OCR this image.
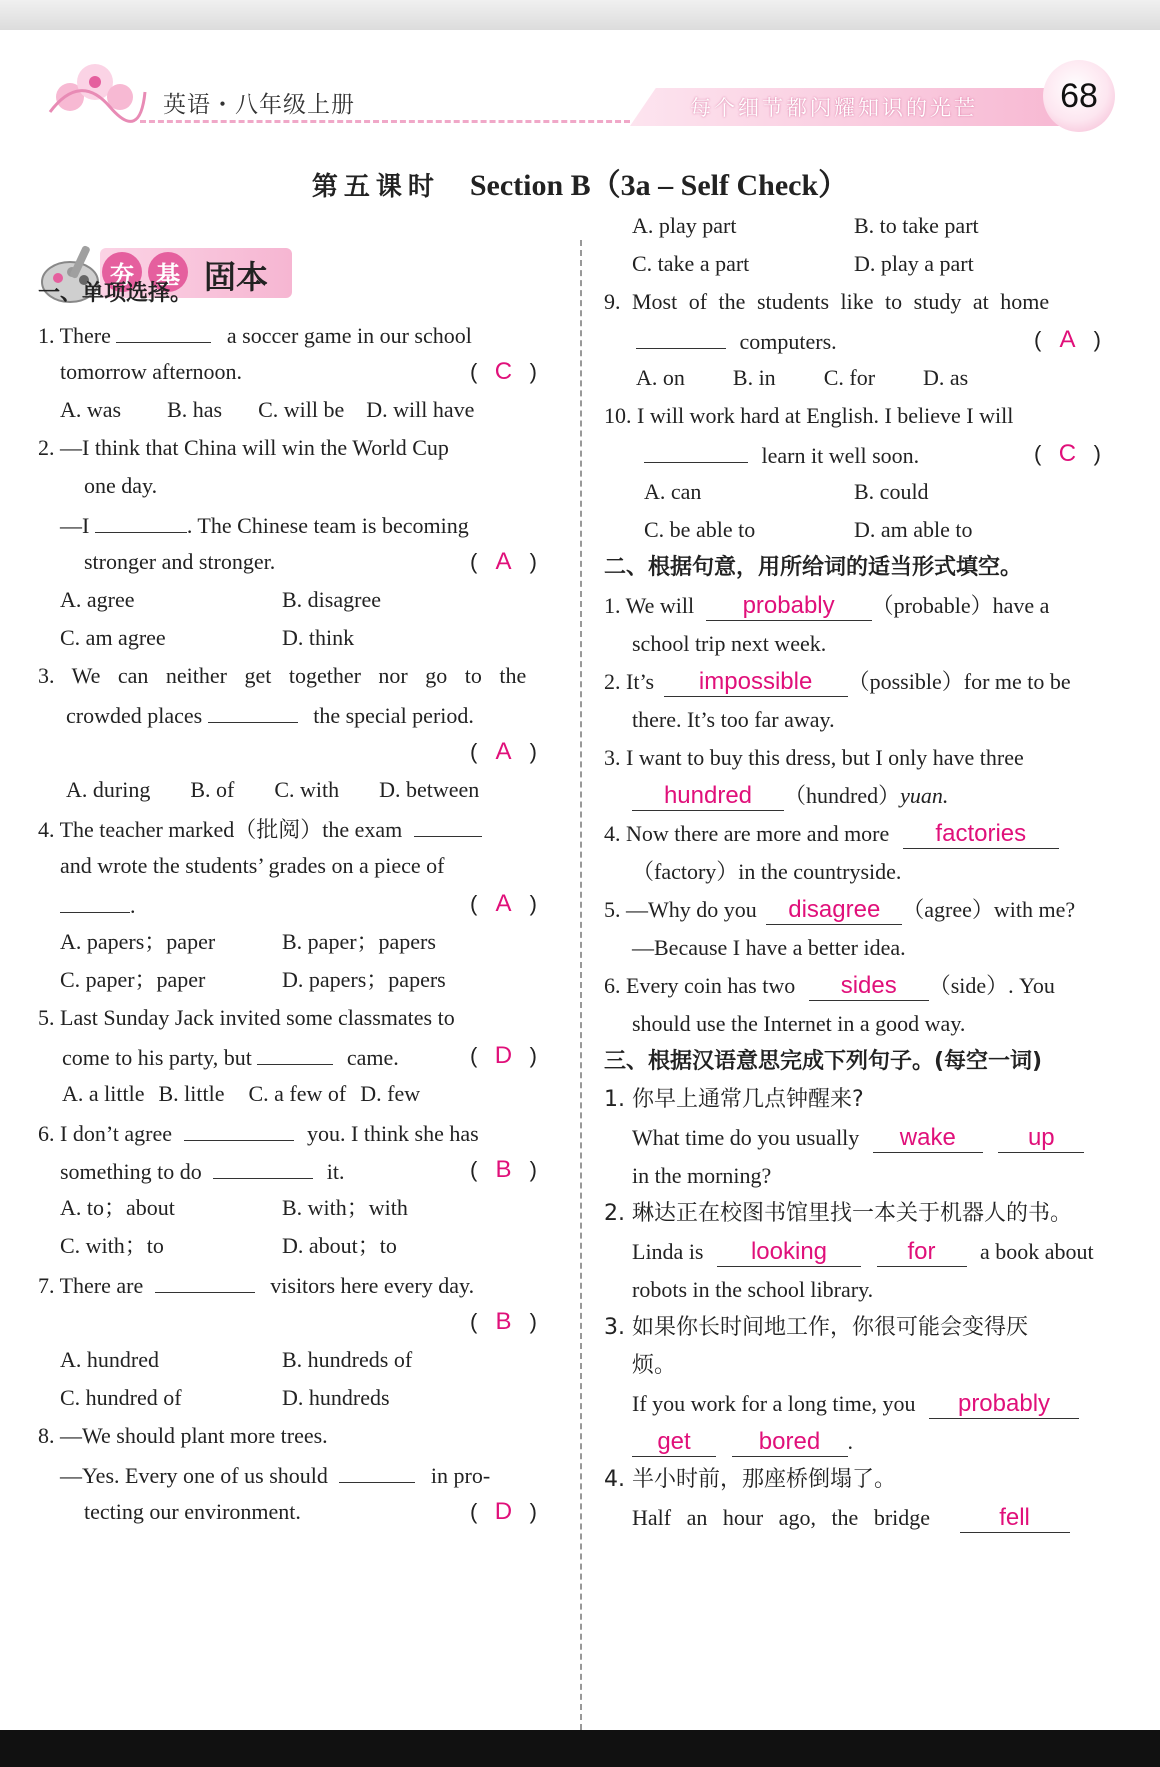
英语・八年级上册	每个细节都闪耀知识的光芒	68
第五课时 Section B（3a – Self Check）
夯 基 固本
一、单项选择。
1. There	a soccer game in our school
tomorrow afternoon.	( C )
A. was B. has C. will be D. will have
2. —I think that China will win the World Cup
one day.
—I	. The Chinese team is becoming
stronger and stronger.	( A )
A. agree	B. disagree
C. am agree	D. think
3. We can neither get together nor go to the
crowded places	the special period.
( A )
A. during B. of C. with D. between
4. The teacher marked（批阅）the exam
and wrote the students’ grades on a piece of
.	( A )
A. papers；paper	B. paper；papers
C. paper；paper	D. papers；papers
5. Last Sunday Jack invited some classmates to
come to his party, but	came.	( D )
A. a little B. little C. a few of D. few
6. I don’t agree	you. I think she has
something to do	it.	( B )
A. to；about	B. with；with
C. with；to	D. about；to
7. There are	visitors here every day.
( B )
A. hundred	B. hundreds of
C. hundred of	D. hundreds
8. —We should plant more trees.
—Yes. Every one of us should	in pro-
tecting our environment.	( D )
A. play part	B. to take part
C. take a part	D. play a part
9. Most of the students like to study at home
computers.	( A )
A. on B. in C. for D. as
10. I will work hard at English. I believe I will
learn it well soon.	( C )
A. can	B. could
C. be able to	D. am able to
二、根据句意，用所给词的适当形式填空。
1. We will probably （probable）have a
school trip next week.
2. It’s impossible （possible）for me to be
there. It’s too far away.
3. I want to buy this dress, but I only have three
hundred （hundred）yuan.
4. Now there are more and more factories
（factory）in the countryside.
5. —Why do you disagree （agree）with me?
—Because I have a better idea.
6. Every coin has two sides （side）. You
should use the Internet in a good way.
三、根据汉语意思完成下列句子。(每空一词)
1. 你早上通常几点钟醒来?
What time do you usually wake	up
in the morning?
2. 琳达正在校图书馆里找一本关于机器人的书。
Linda is looking	for a book about
robots in the school library.
3. 如果你长时间地工作，你很可能会变得厌
烦。
If you work for a long time, you probably
get	bored .
4. 半小时前，那座桥倒塌了。
Half an hour ago, the bridge	fell
